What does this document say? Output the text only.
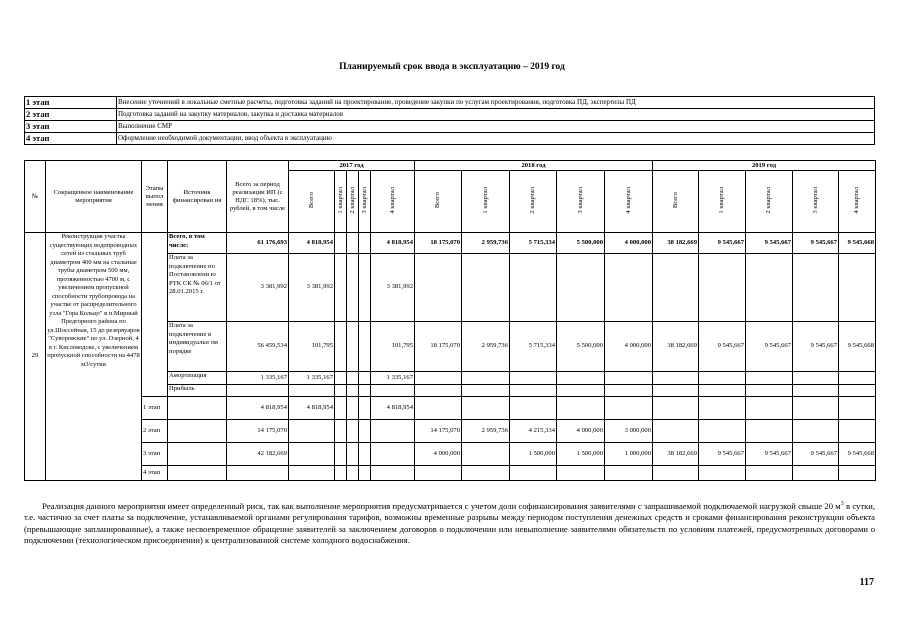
Планируемый срок ввода в эксплуатацию – 2019 год
1 этап	Внесение уточнений в локальные сметные расчеты, подготовка заданий на проектирование, проведение закупки по услугам проектирования, подготовка ПД, экспертизы ПД
2 этап	Подготовка заданий на закупку материалов, закупка и доставка материалов
3 этап	Выполнение СМР
4 этап	Оформление необходимой документации, ввод объекта в эксплуатацию
№	Сокращенное наименование мероприятия	Этапы выпол нения	Источник финансирован ия	Всего за период реализации ИП (с НДС 18%), тыс. рублей, в том числе	2017 год					2018 год					2019 год				
					Всего	1 квартал	2 квартал	3 квартал	4 квартал	Всего	1 квартал	2 квартал	3 квартал	4 квартал	Всего	1 квартал	2 квартал	3 квартал	4 квартал
29	Реконструкция участка существующих водопроводных сетей из стальных труб диаметром 400 мм на стальные трубы диаметром 500 мм, протяженностью 4700 м, с увеличением пропускной способности трубопровода на участке от распределительного узла "Гора Кольцо" в п.Мирный Предгорного района по ул.Шоссейная, 15 до резервуаров "Суворовские" по ул. Озерной, 4 в г. Кисловодске, с увеличением пропускной способности на 4478 м3/сутки		Всего, в том числе:	61 176,693	4 818,954				4 818,954	18 175,070	2 959,736	5 715,334	5 500,000	4 000,000	38 182,669	9 545,667	9 545,667	9 545,667	9 545,668
			Плата за подключение по Постановлени ю РТК СК № 06/1 от 28.01.2015 г.	3 381,992	3 381,992				3 381,992										
			Плата за подключение в индивидуальн ом порядке	56 459,534	101,795				101,795	18 175,070	2 959,736	5 715,334	5 500,000	4 000,000	38 182,669	9 545,667	9 545,667	9 545,667	9 545,668
			Амортизация	1 335,167	1 335,167				1 335,167										
			Прибыль																
		1 этап		4 818,954	4 818,954				4 818,954										
		2 этап		14 175,070						14 175,070	2 959,736	4 215,334	4 000,000	3 000,000					
		3 этап		42 182,669						4 000,000		1 500,000	1 500,000	1 000,000	38 182,669	9 545,667	9 545,667	9 545,667	9 545,668
		4 этап																	
Реализация данного мероприятия имеет определенный риск, так как выполнение мероприятия предусматривается с учетом доли софинансирования заявителями с запрашиваемой подключаемой нагрузкой свыше 20 $м^3$ в сутки, т.е. частично за счет платы за подключение, устанавливаемой органами регулирования тарифов, возможны временные разрывы между периодом поступления денежных средств и сроками финансирования реконструкции объекта (превышающие запланированные), а также несвоевременное обращение заявителей за заключением договоров о подключении или невыполнение заявителями обязательств по условиям платежей, предусмотренных договорами о подключении (технологическом присоединении) к централизованной системе холодного водоснабжения.
117
